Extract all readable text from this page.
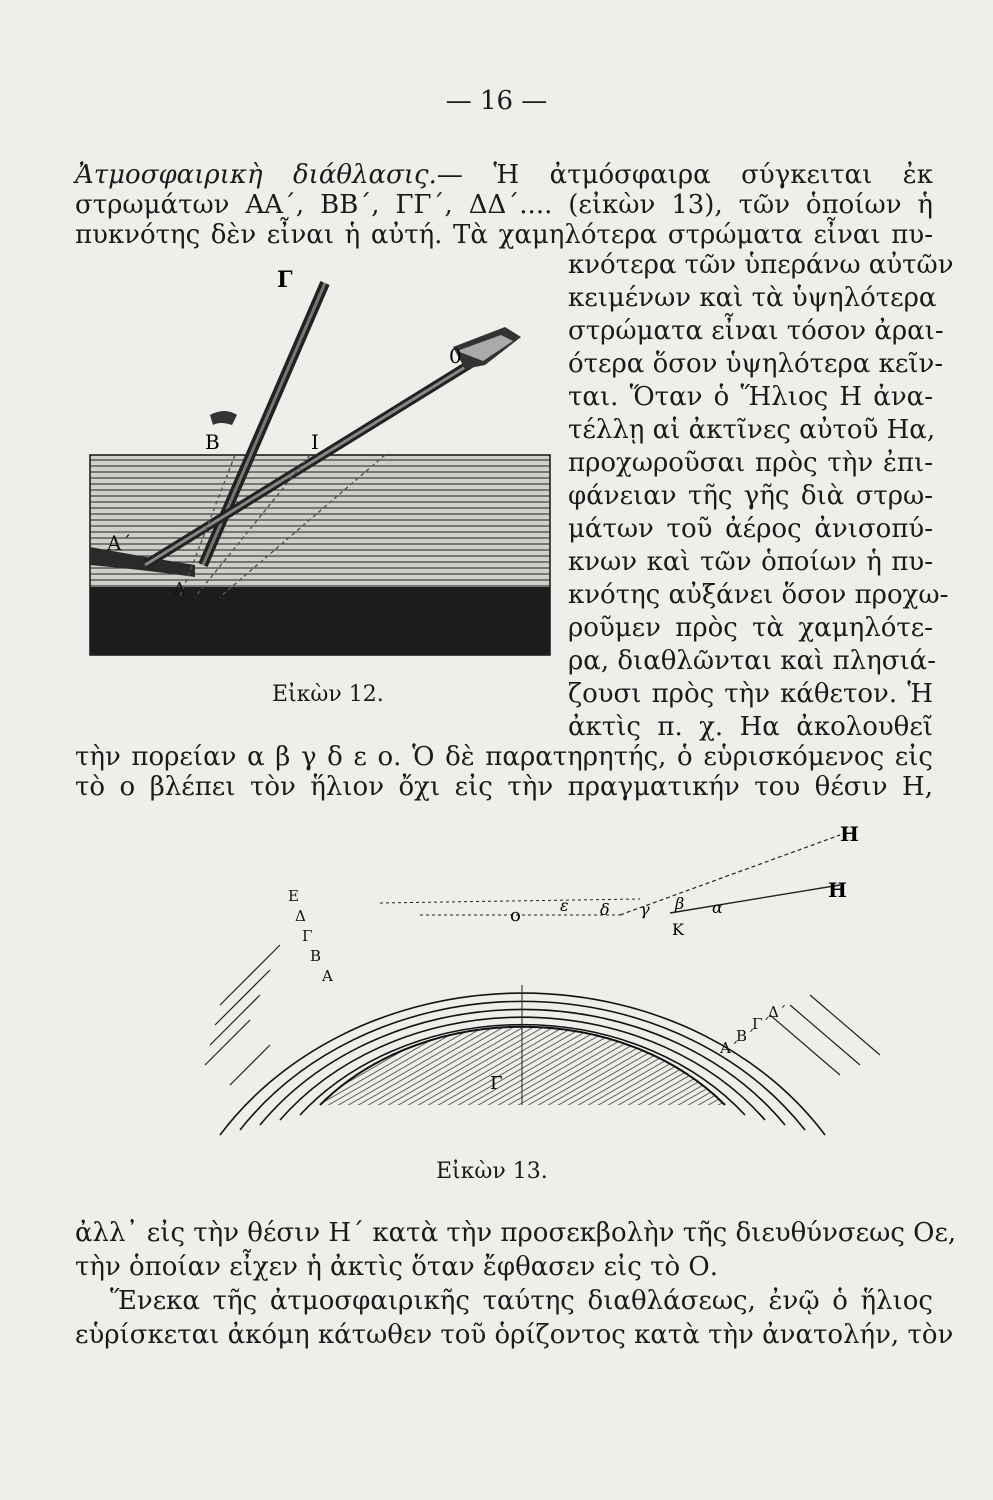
— 16 —
Ἀτμοσφαιρικὴ διάθλασις.— Ἡ ἀτμόσφαιρα σύγκειται ἐκ
στρωμάτων ΑΑ΄, ΒΒ΄, ΓΓ΄, ΔΔ΄.... (εἰκὼν 13), τῶν ὁποίων ἡ
πυκνότης δὲν εἶναι ἡ αὐτή. Τὰ χαμηλότερα στρώματα εἶναι πυ-
κνότερα τῶν ὑπεράνω αὐτῶν
κειμένων καὶ τὰ ὑψηλότερα
στρώματα εἶναι τόσον ἀραι-
ότερα ὅσον ὑψηλότερα κεῖν-
ται. Ὅταν ὁ Ἥλιος Η ἀνα-
τέλλῃ αἱ ἀκτῖνες αὐτοῦ Ηα,
προχωροῦσαι πρὸς τὴν ἐπι-
φάνειαν τῆς γῆς διὰ στρω-
μάτων τοῦ ἀέρος ἀνισοπύ-
κνων καὶ τῶν ὁποίων ἡ πυ-
κνότης αὐξάνει ὅσον προχω-
ροῦμεν πρὸς τὰ χαμηλότε-
ρα, διαθλῶνται καὶ πλησιά-
ζουσι πρὸς τὴν κάθετον. Ἡ
ἀκτὶς π. χ. Ηα ἀκολουθεῖ
τὴν πορείαν α β γ δ ε ο. Ὁ δὲ παρατηρητής, ὁ εὑρισκόμενος εἰς
τὸ ο βλέπει τὸν ἥλιον ὄχι εἰς τὴν πραγματικήν του θέσιν Η,
Γ
0
Β	Ι
Α΄
Α
Εἰκὼν 12.
Η
Η
ο
Κ
Γ
ε δ γ β α
Ε
Δ
Γ
Β
Α
Α΄
Β΄
Γ΄
Δ΄
Εἰκὼν 13.
ἀλλ᾽ εἰς τὴν θέσιν Η΄ κατὰ τὴν προσεκβολὴν τῆς διευθύνσεως Οε,
τὴν ὁποίαν εἶχεν ἡ ἀκτὶς ὅταν ἔφθασεν εἰς τὸ Ο.
Ἕνεκα τῆς ἀτμοσφαιρικῆς ταύτης διαθλάσεως, ἐνῷ ὁ ἥλιος
εὑρίσκεται ἀκόμη κάτωθεν τοῦ ὁρίζοντος κατὰ τὴν ἀνατολήν, τὸν
